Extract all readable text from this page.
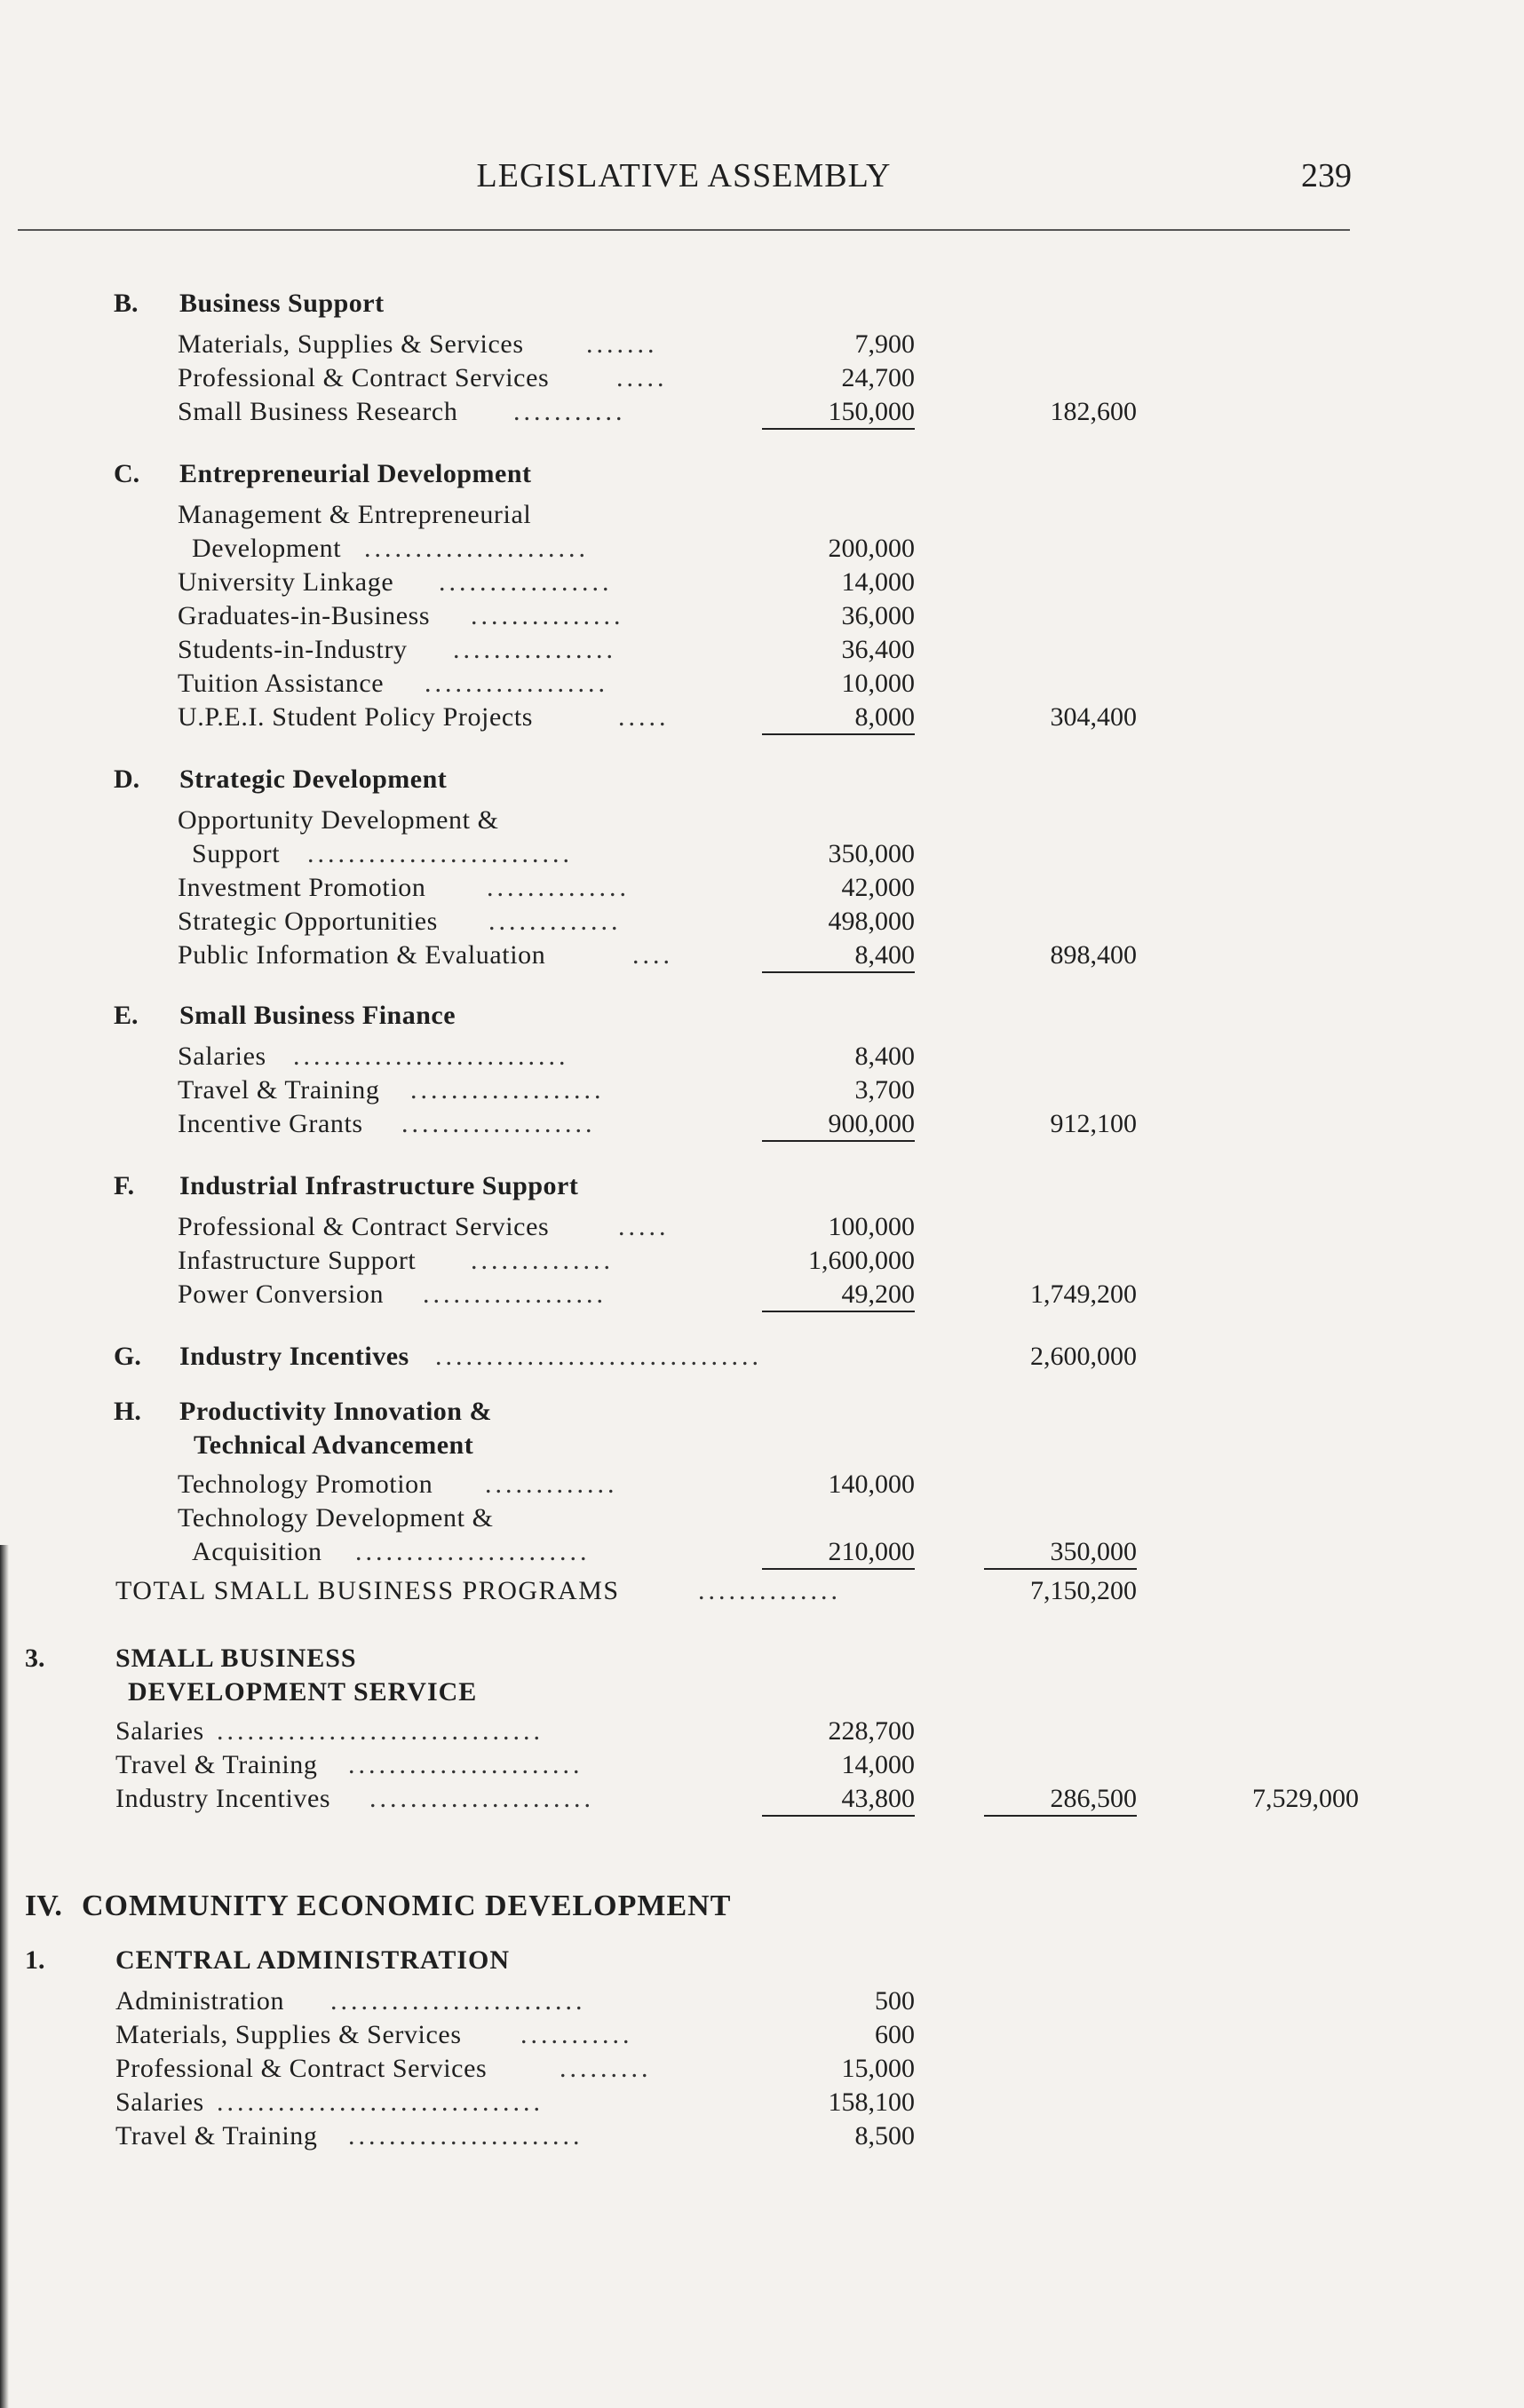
LEGISLATIVE ASSEMBLY	239
B. Business Support
Materials, Supplies & Services .......	7,900
Professional & Contract Services	.....	24,700
Small Business Research ...........	150,000	182,600
C. Entrepreneurial Development
Management & Entrepreneurial
Development ......................	200,000
University Linkage .................	14,000
Graduates-in-Business ...............	36,000
Students-in-Industry ................	36,400
Tuition Assistance ..................	10,000
U.P.E.I. Student Policy Projects	.....	8,000	304,400
D. Strategic Development
Opportunity Development &
Support ..........................	350,000
Investment Promotion ..............	42,000
Strategic Opportunities .............	498,000
Public Information & Evaluation	....	8,400	898,400
E. Small Business Finance
Salaries ...........................	8,400
Travel & Training ...................	3,700
Incentive Grants ...................	900,000	912,100
F. Industrial Infrastructure Support
Professional & Contract Services	.....	100,000
Infastructure Support ..............	1,600,000
Power Conversion ..................	49,200	1,749,200
G. Industry Incentives ................................	2,600,000
H. Productivity Innovation &
Technical Advancement
Technology Promotion .............	140,000
Technology Development &
Acquisition .......................	210,000	350,000
TOTAL SMALL BUSINESS PROGRAMS	..............	7,150,200
3.	SMALL BUSINESS
DEVELOPMENT SERVICE
Salaries ................................	228,700
Travel & Training .......................	14,000
Industry Incentives ......................	43,800	286,500	7,529,000
IV. COMMUNITY ECONOMIC DEVELOPMENT
1.	CENTRAL ADMINISTRATION
Administration .........................	500
Materials, Supplies & Services ...........	600
Professional & Contract Services	.........	15,000
Salaries ................................	158,100
Travel & Training .......................	8,500
